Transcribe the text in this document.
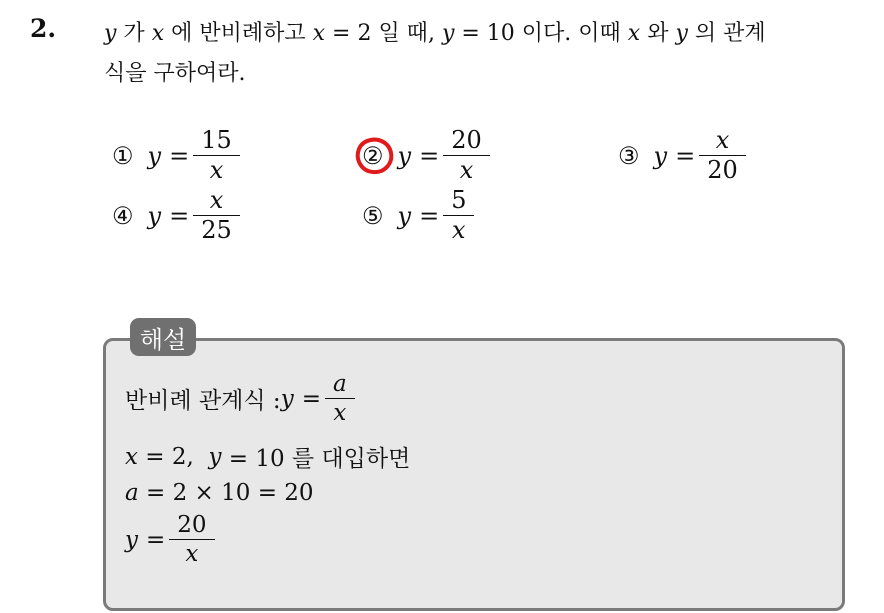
2. y 가 x 에 반비례하고 x = 2 일 때, y = 10 이다. 이때 x 와 y 의 관계
식을 구하여라.
① $y = \frac{15}{x}$	② $y = \frac{20}{x}$	③ $y = \frac{x}{20}$
④ $y = \frac{x}{25}$	⑤ $y = \frac{5}{x}$
해설
반비례 관계식 : $y = \frac{a}{x}$
x = 2, y = 10 를 대입하면
a = 2 × 10 = 20
$y = \frac{20}{x}$
